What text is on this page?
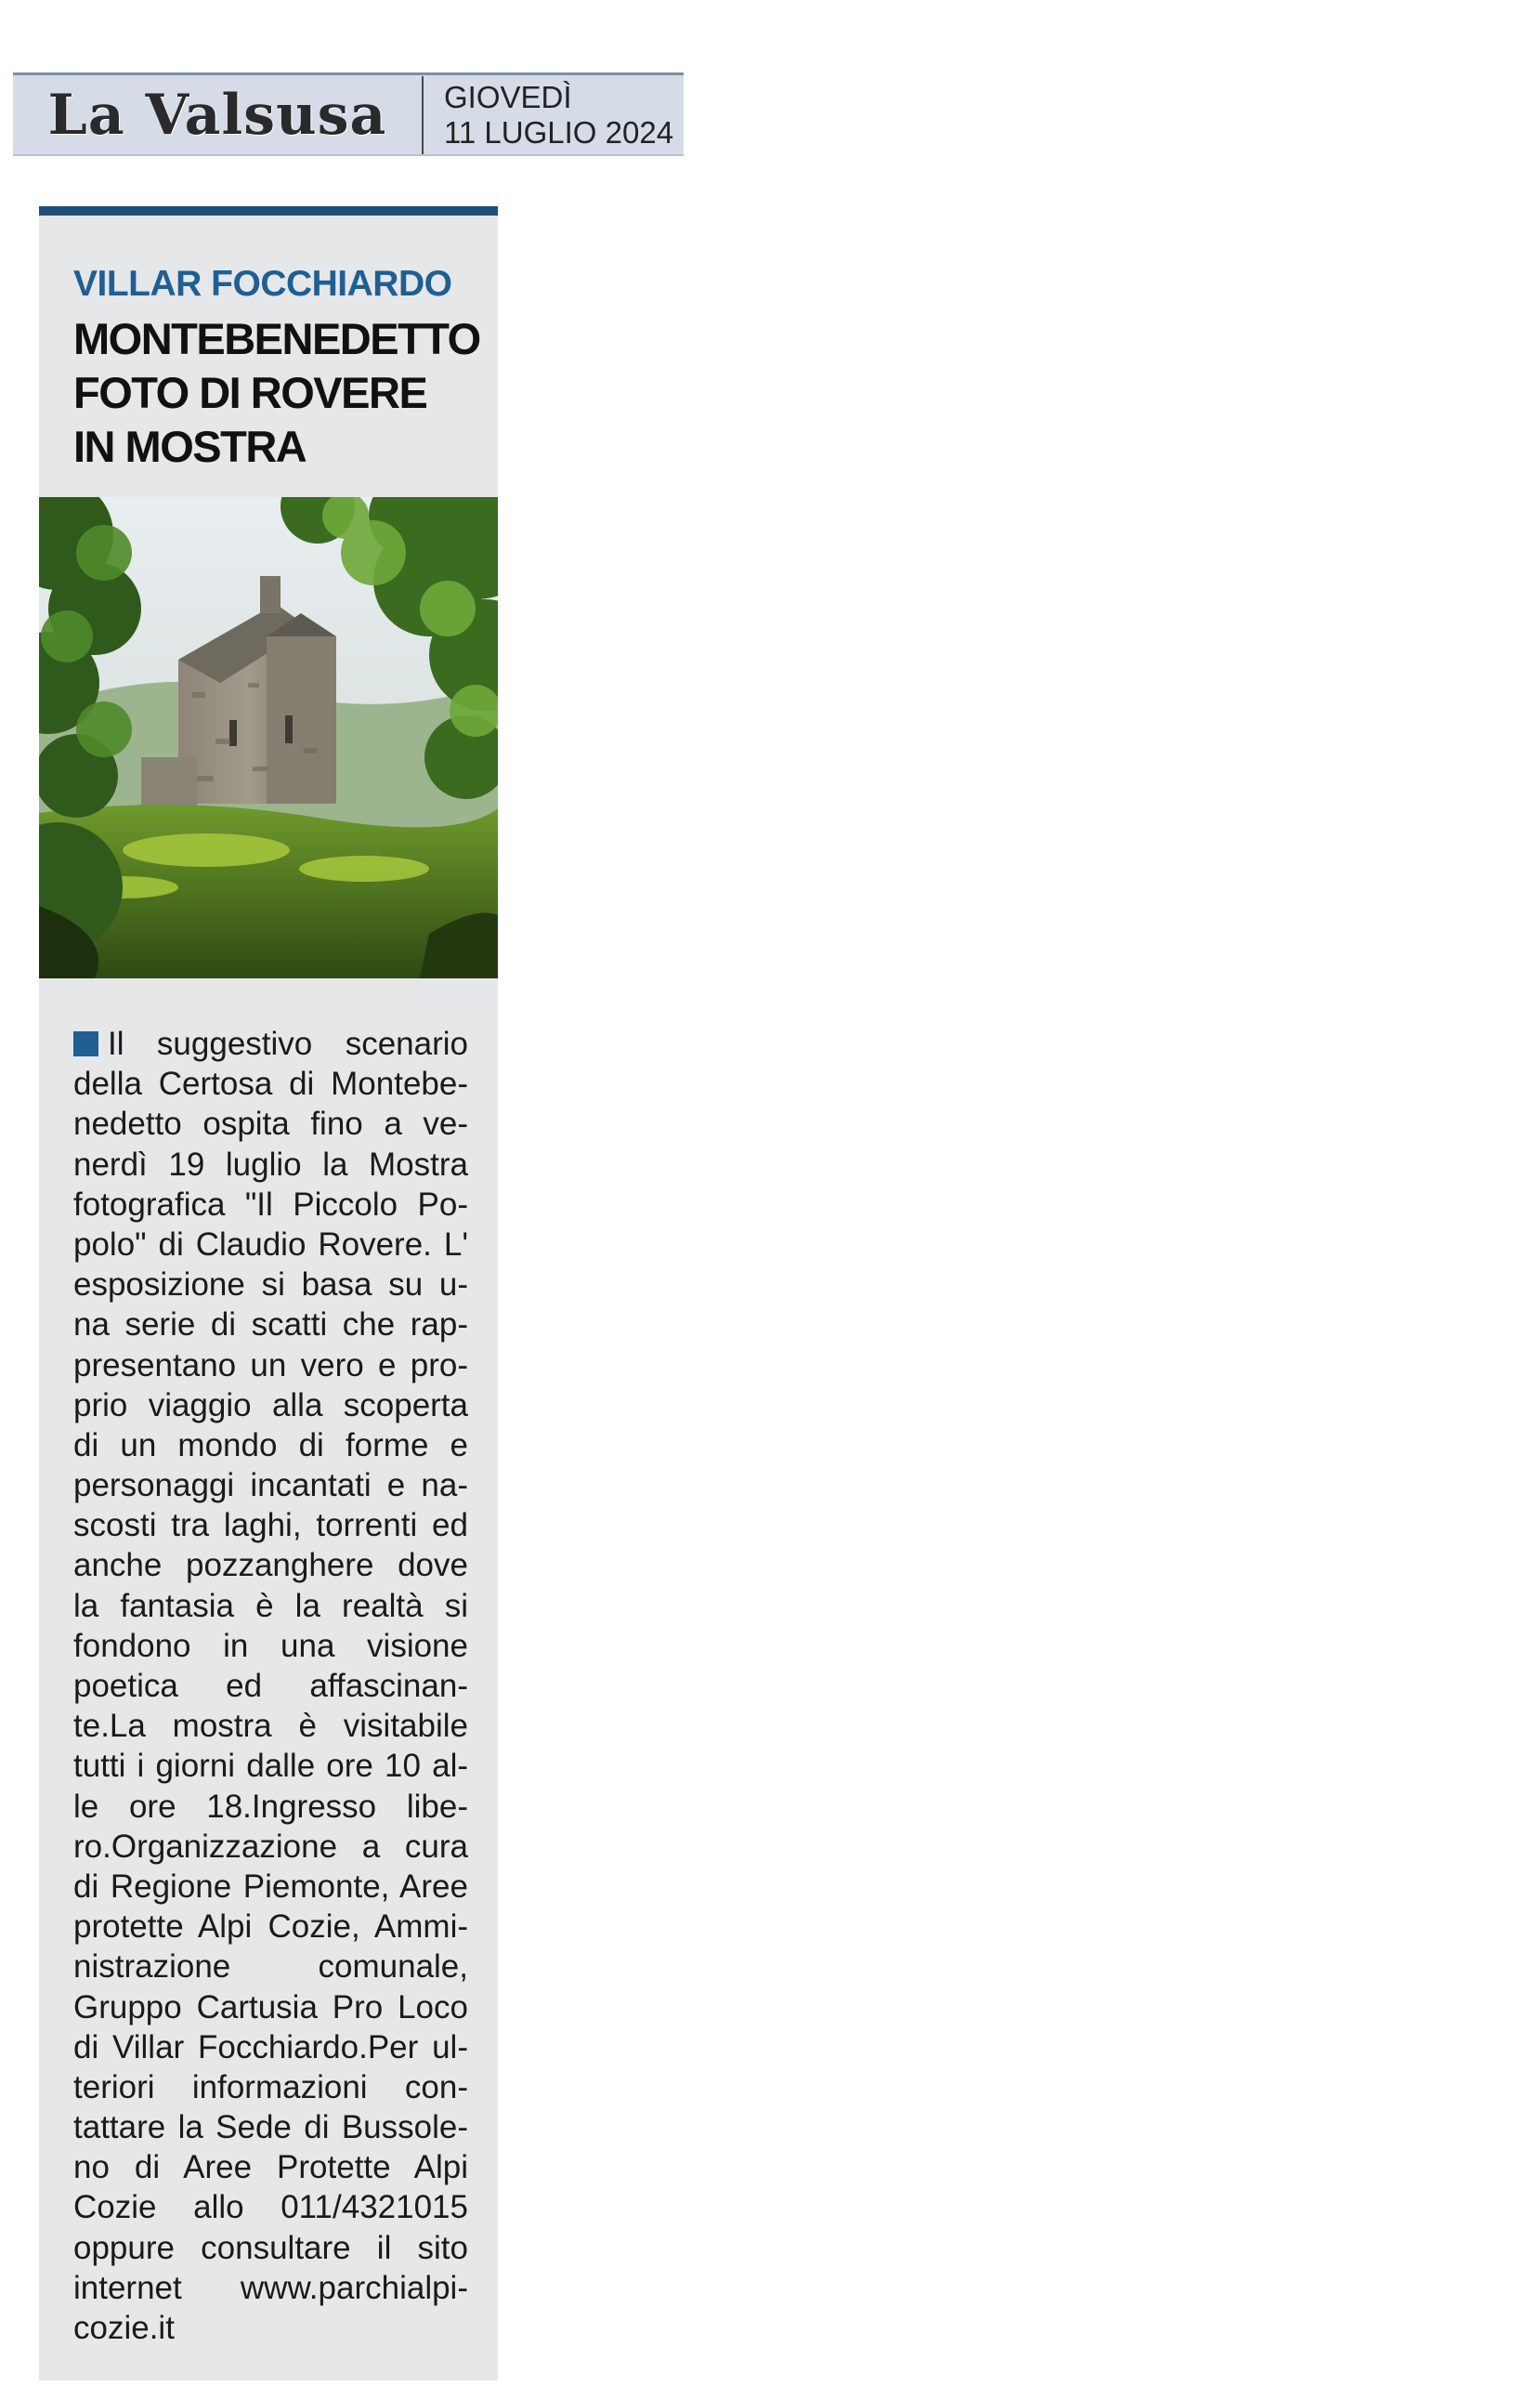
La Valsusa	GIOVEDÌ
11 LUGLIO 2024
VILLAR FOCCHIARDO
MONTEBENEDETTO
FOTO DI ROVERE
IN MOSTRA
Il suggestivo scenario
della Certosa di Montebe-
nedetto ospita fino a ve-
nerdì 19 luglio la Mostra
fotografica "Il Piccolo Po-
polo" di Claudio Rovere. L'
esposizione si basa su u-
na serie di scatti che rap-
presentano un vero e pro-
prio viaggio alla scoperta
di un mondo di forme e
personaggi incantati e na-
scosti tra laghi, torrenti ed
anche pozzanghere dove
la fantasia è la realtà si
fondono in una visione
poetica ed affascinan-
te.La mostra è visitabile
tutti i giorni dalle ore 10 al-
le ore 18.Ingresso libe-
ro.Organizzazione a cura
di Regione Piemonte, Aree
protette Alpi Cozie, Ammi-
nistrazione comunale,
Gruppo Cartusia Pro Loco
di Villar Focchiardo.Per ul-
teriori informazioni con-
tattare la Sede di Bussole-
no di Aree Protette Alpi
Cozie allo 011/4321015
oppure consultare il sito
internet www.parchialpi-
cozie.it
